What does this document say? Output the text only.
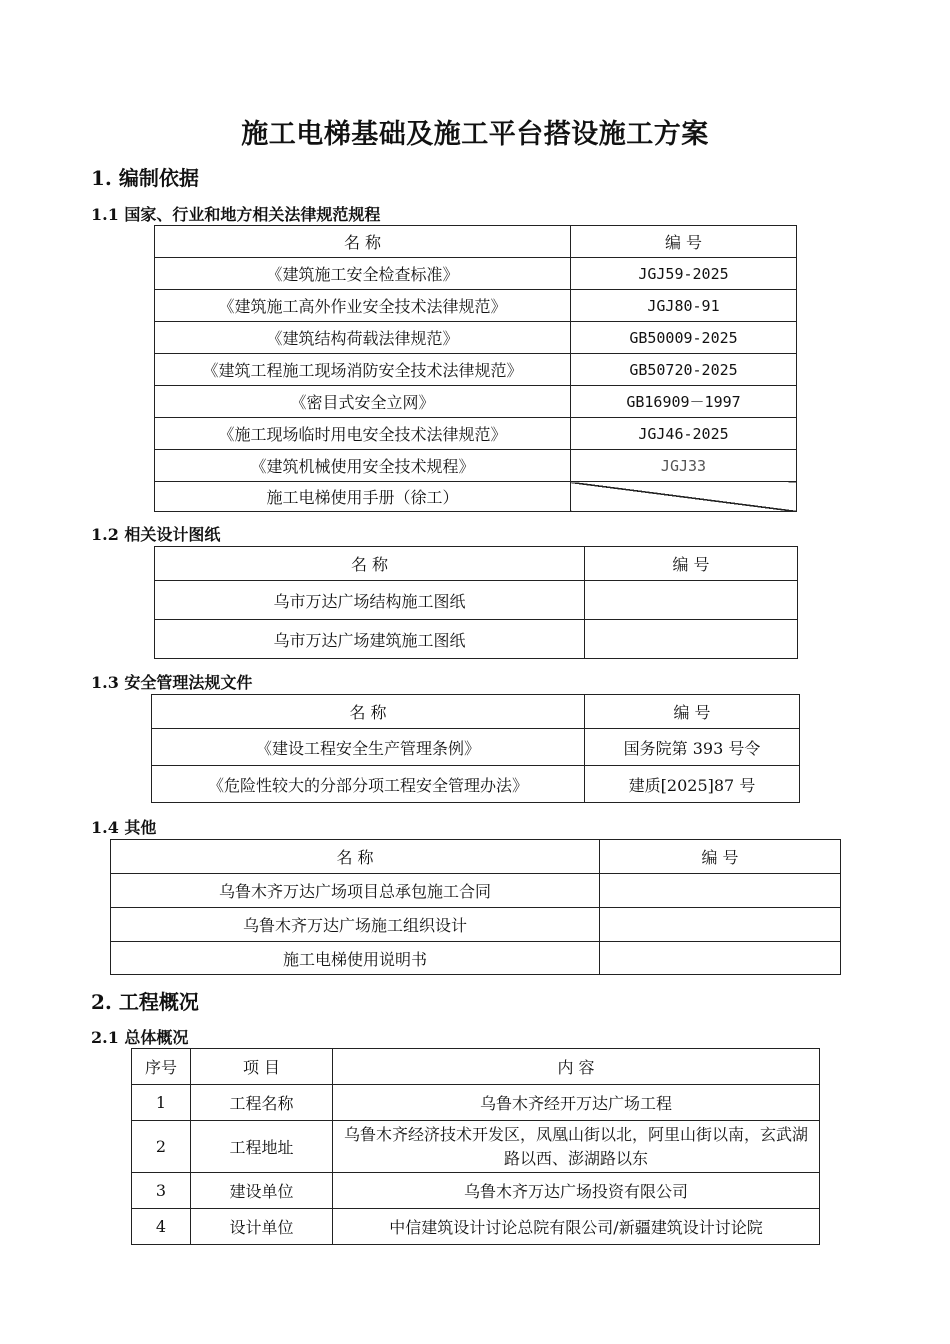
施工电梯基础及施工平台搭设施工方案
1. 编制依据
1.1 国家、行业和地方相关法律规范规程
名 称	编 号
《建筑施工安全检查标准》	JGJ59-2025
《建筑施工高外作业安全技术法律规范》	JGJ80-91
《建筑结构荷载法律规范》	GB50009-2025
《建筑工程施工现场消防安全技术法律规范》	GB50720-2025
《密目式安全立网》	GB16909－1997
《施工现场临时用电安全技术法律规范》	JGJ46-2025
《建筑机械使用安全技术规程》	JGJ33
施工电梯使用手册（徐工）	
1.2 相关设计图纸
名 称	编 号
乌市万达广场结构施工图纸	
乌市万达广场建筑施工图纸	
1.3 安全管理法规文件
名 称	编 号
《建设工程安全生产管理条例》	国务院第 393 号令
《危险性较大的分部分项工程安全管理办法》	建质[2025]87 号
1.4 其他
名 称	编 号
乌鲁木齐万达广场项目总承包施工合同	
乌鲁木齐万达广场施工组织设计	
施工电梯使用说明书	
2. 工程概况
2.1 总体概况
序号	项 目	内 容
1	工程名称	乌鲁木齐经开万达广场工程
2	工程地址	乌鲁木齐经济技术开发区，凤凰山街以北，阿里山街以南，玄武湖路以西、澎湖路以东
3	建设单位	乌鲁木齐万达广场投资有限公司
4	设计单位	中信建筑设计讨论总院有限公司/新疆建筑设计讨论院
